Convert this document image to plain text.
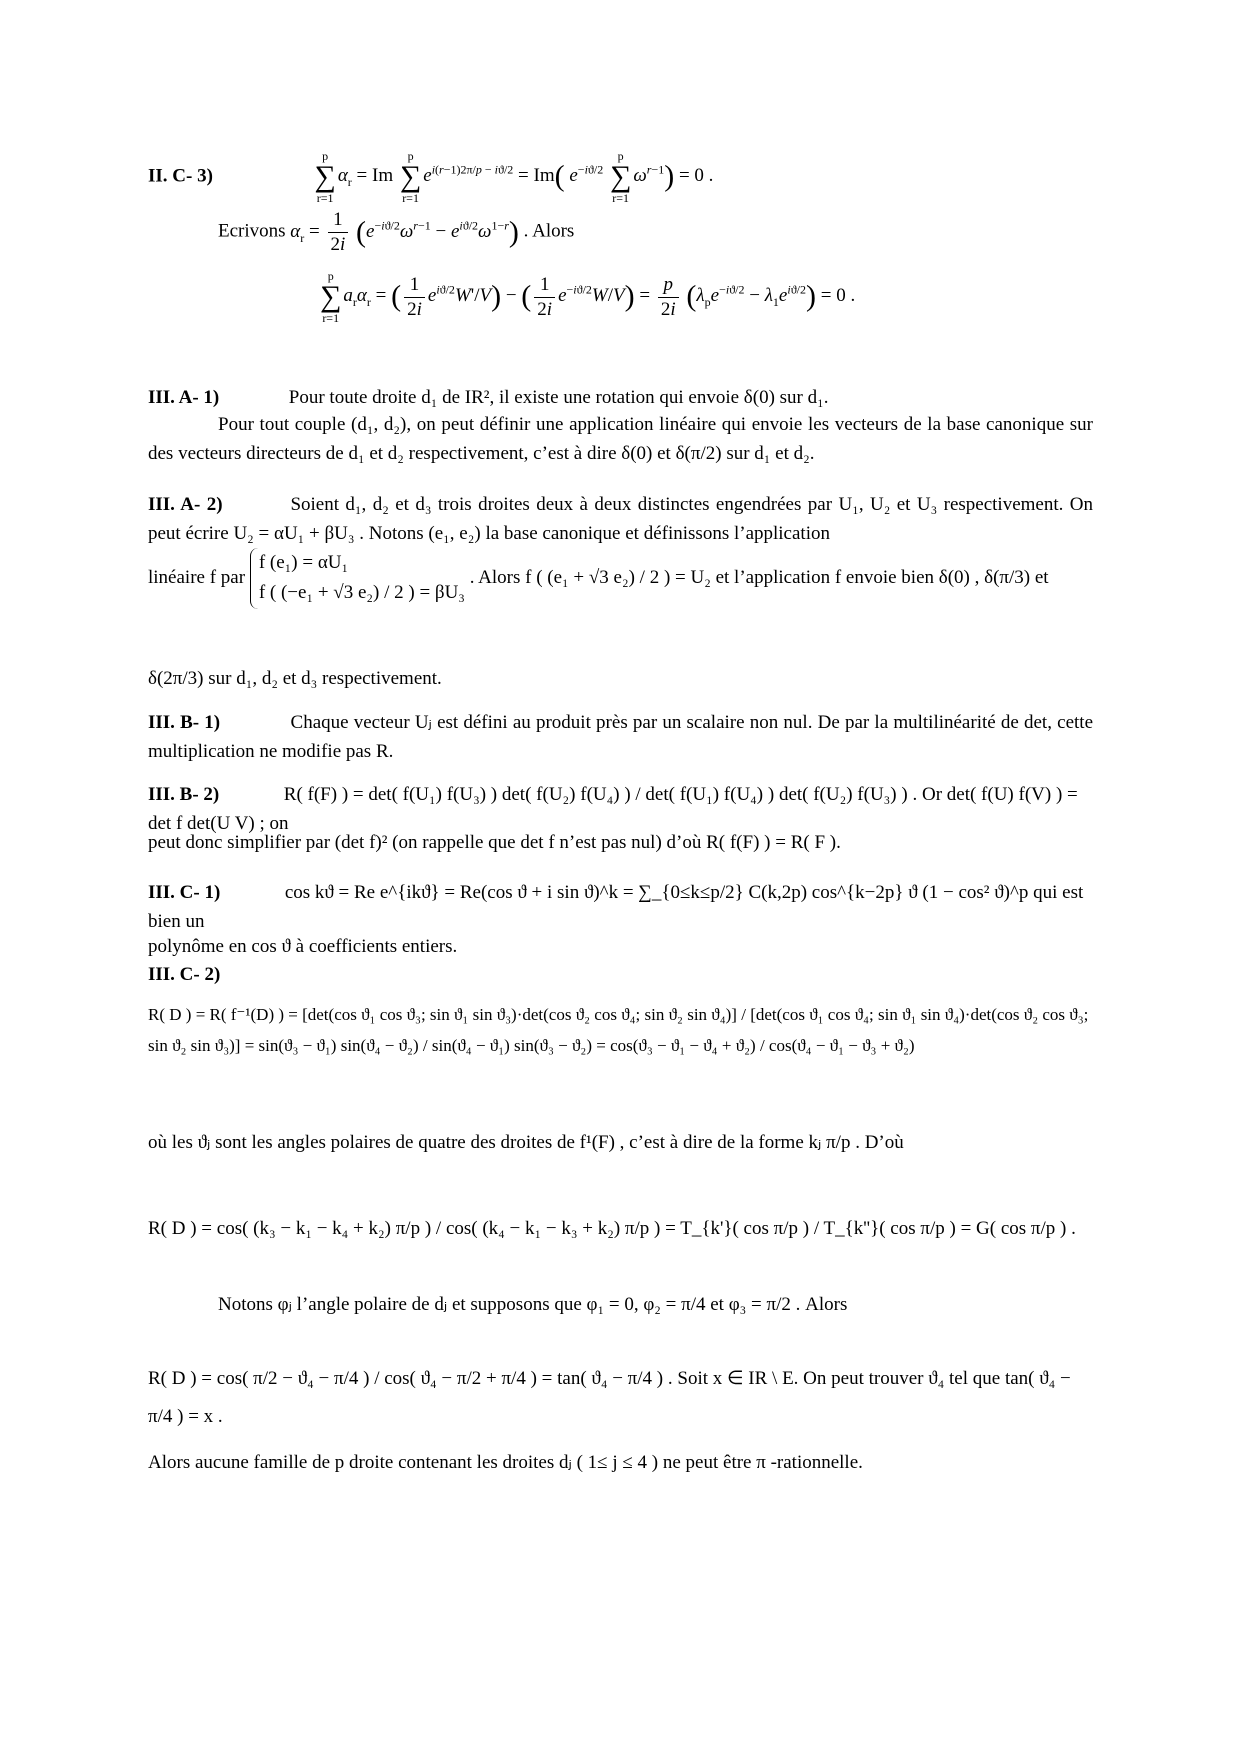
II. C- 3)  p
∑
$r=1\alpha_r = Im$ p
∑
$r=1e^{i(r-1)2\pi/p - iϑ/2} = Im$( $e^{-iϑ/2}$ p
∑
$r=1\omega^{r-1}) = 0$ .
Ecrivons $\alpha_r = \frac{1}{2i} (e^{-iϑ/2}\omega^{r-1} - e^{iϑ/2}\omega^{1-r})$ . Alors
p
∑
$r=1a_r\alpha_r$ = ( $\frac{1}{2i} e^{iϑ/2}W'/V$) − ( $\frac{1}{2i} e^{-iϑ/2}W/V) = \frac{p}{2i} (\lambda_pe^{-iϑ/2} - \lambda_1e^{iϑ/2}) = 0$ .
III. A- 1)	Pour toute droite d₁ de IR², il existe une rotation qui envoie δ(0) sur d₁.
Pour tout couple (d₁, d₂), on peut définir une application linéaire qui envoie les vecteurs de la base canonique sur des vecteurs directeurs de d₁ et d₂ respectivement, c’est à dire δ(0) et δ(π/2) sur d₁ et d₂.
III. A- 2)	Soient d₁, d₂ et d₃ trois droites deux à deux distinctes engendrées par U₁, U₂ et U₃ respectivement. On peut écrire U₂ = αU₁ + βU₃ . Notons (e₁, e₂) la base canonique et définissons l’application
linéaire f par f (e₁) = αU₁
f ( (−e₁ + √3 e₂) / 2 ) = βU₃ . Alors f ( (e₁ + √3 e₂) / 2 ) = U₂ et l’application f envoie bien δ(0) , δ(π/3) et
δ(2π/3) sur d₁, d₂ et d₃ respectivement.
III. B- 1)	Chaque vecteur Uⱼ est défini au produit près par un scalaire non nul. De par la multilinéarité de det, cette multiplication ne modifie pas R.
III. B- 2)	R( f(F) ) = det( f(U₁) f(U₃) ) det( f(U₂) f(U₄) ) / det( f(U₁) f(U₄) ) det( f(U₂) f(U₃) ) . Or det( f(U) f(V) ) = det f det(U V) ; on
peut donc simplifier par (det f)² (on rappelle que det f n’est pas nul) d’où R( f(F) ) = R( F ).
III. C- 1)	cos kϑ = Re e^{ikϑ} = Re(cos ϑ + i sin ϑ)^k = ∑_{0≤k≤p/2} C(k,2p) cos^{k−2p} ϑ (1 − cos² ϑ)^p qui est bien un
polynôme en cos ϑ à coefficients entiers.
III. C- 2)
R( D ) = R( f⁻¹(D) ) = [det(cos ϑ₁ cos ϑ₃; sin ϑ₁ sin ϑ₃)·det(cos ϑ₂ cos ϑ₄; sin ϑ₂ sin ϑ₄)] / [det(cos ϑ₁ cos ϑ₄; sin ϑ₁ sin ϑ₄)·det(cos ϑ₂ cos ϑ₃; sin ϑ₂ sin ϑ₃)] = sin(ϑ₃ − ϑ₁) sin(ϑ₄ − ϑ₂) / sin(ϑ₄ − ϑ₁) sin(ϑ₃ − ϑ₂) = cos(ϑ₃ − ϑ₁ − ϑ₄ + ϑ₂) / cos(ϑ₄ − ϑ₁ − ϑ₃ + ϑ₂)
où les ϑⱼ sont les angles polaires de quatre des droites de f¹(F) , c’est à dire de la forme kⱼ π/p . D’où
R( D ) = cos( (k₃ − k₁ − k₄ + k₂) π/p ) / cos( (k₄ − k₁ − k₃ + k₂) π/p ) = T_{k'}( cos π/p ) / T_{k''}( cos π/p ) = G( cos π/p ) .
Notons φⱼ l’angle polaire de dⱼ et supposons que φ₁ = 0, φ₂ = π/4 et φ₃ = π/2 . Alors
R( D ) = cos( π/2 − ϑ₄ − π/4 ) / cos( ϑ₄ − π/2 + π/4 ) = tan( ϑ₄ − π/4 ) . Soit x ∈ IR \ E. On peut trouver ϑ₄ tel que tan( ϑ₄ − π/4 ) = x .
Alors aucune famille de p droite contenant les droites dⱼ ( 1≤ j ≤ 4 ) ne peut être π -rationnelle.
